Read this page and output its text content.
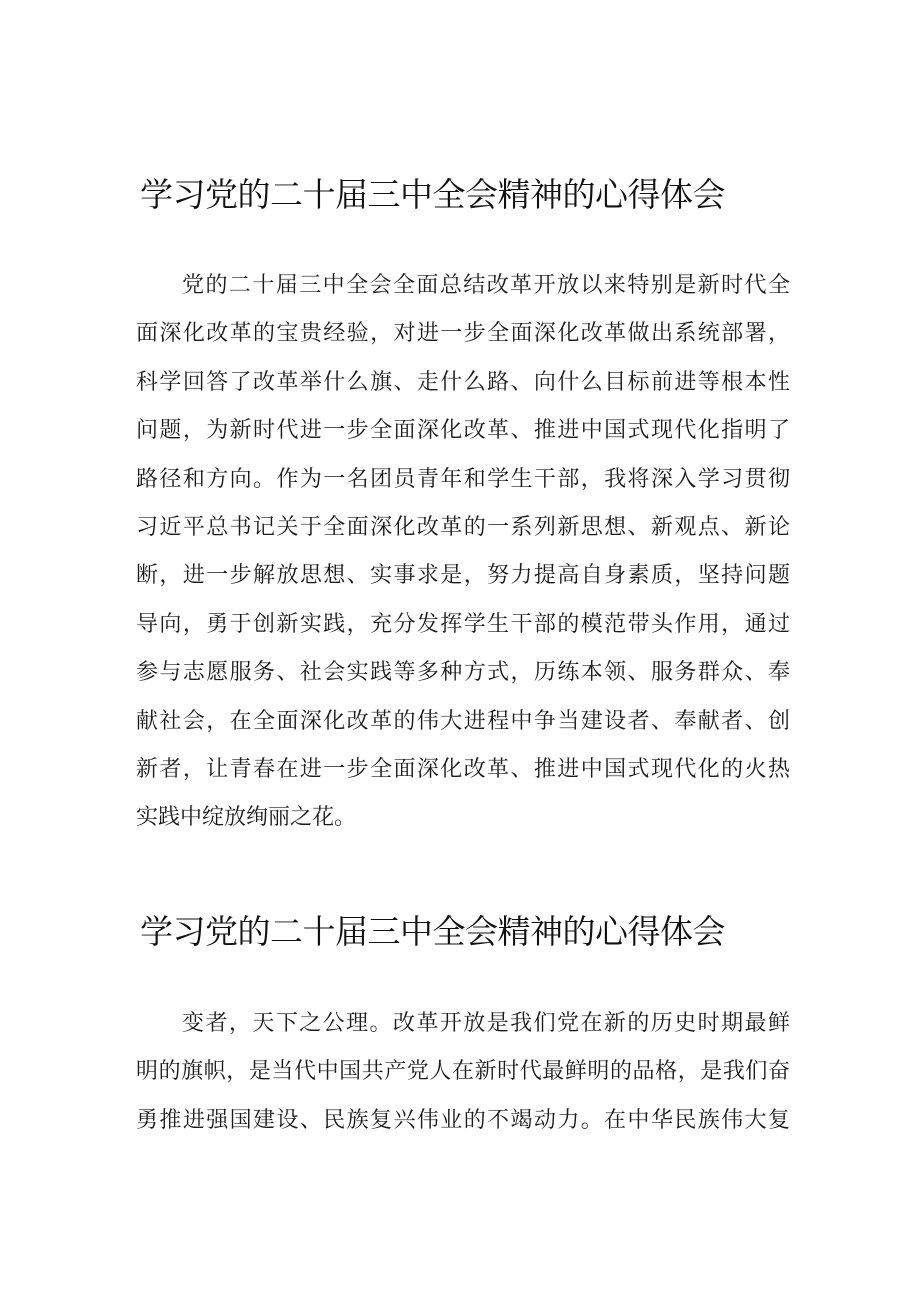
学习党的二十届三中全会精神的心得体会
党的二十届三中全会全面总结改革开放以来特别是新时代全
面深化改革的宝贵经验，对进一步全面深化改革做出系统部署，
科学回答了改革举什么旗、走什么路、向什么目标前进等根本性
问题，为新时代进一步全面深化改革、推进中国式现代化指明了
路径和方向。作为一名团员青年和学生干部，我将深入学习贯彻
习近平总书记关于全面深化改革的一系列新思想、新观点、新论
断，进一步解放思想、实事求是，努力提高自身素质，坚持问题
导向，勇于创新实践，充分发挥学生干部的模范带头作用，通过
参与志愿服务、社会实践等多种方式，历练本领、服务群众、奉
献社会，在全面深化改革的伟大进程中争当建设者、奉献者、创
新者，让青春在进一步全面深化改革、推进中国式现代化的火热
实践中绽放绚丽之花。
学习党的二十届三中全会精神的心得体会
变者，天下之公理。改革开放是我们党在新的历史时期最鲜
明的旗帜，是当代中国共产党人在新时代最鲜明的品格，是我们奋
勇推进强国建设、民族复兴伟业的不竭动力。在中华民族伟大复
